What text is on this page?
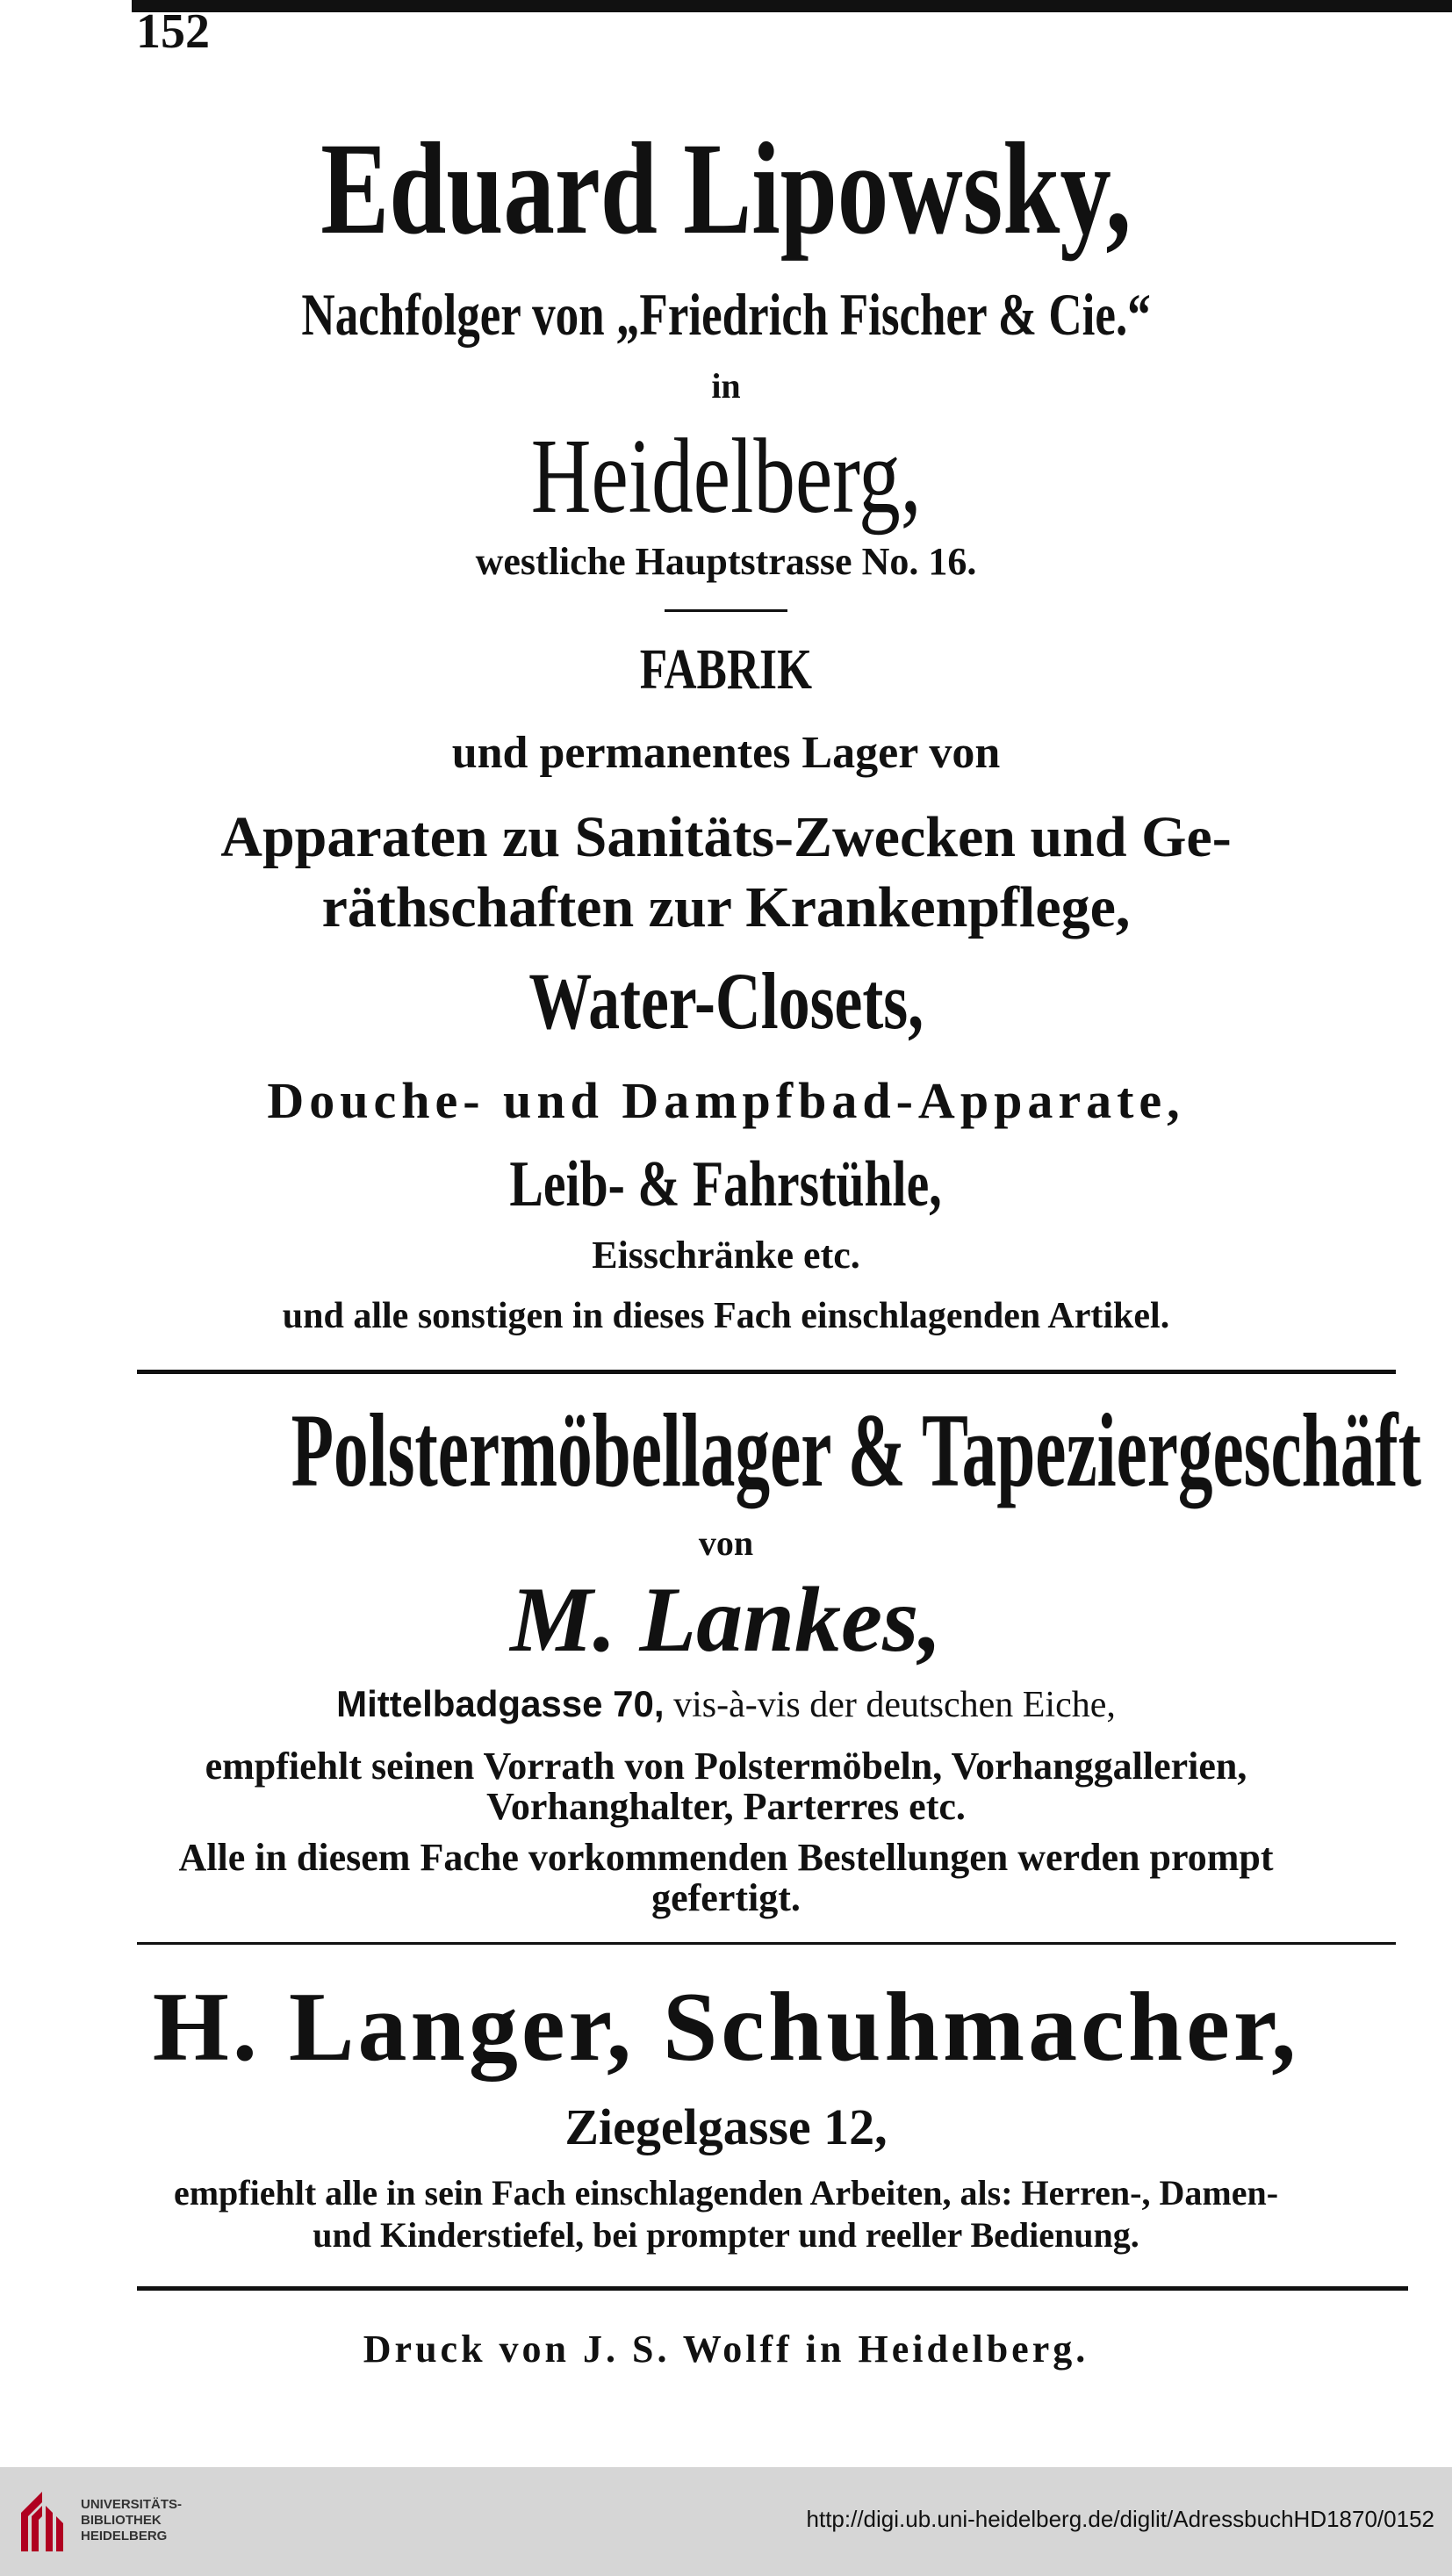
152
Eduard Lipowsky,
Nachfolger von „Friedrich Fischer & Cie.“
in
Heidelberg,
westliche Hauptstrasse No. 16.
FABRIK
und permanentes Lager von
Apparaten zu Sanitäts-Zwecken und Ge-
räthschaften zur Krankenpflege,
Water-Closets,
Douche- und Dampfbad-Apparate,
Leib- & Fahrstühle,
Eisschränke etc.
und alle sonstigen in dieses Fach einschlagenden Artikel.
Polstermöbellager & Tapeziergeschäft
von
M. Lankes,
Mittelbadgasse 70, vis-à-vis der deutschen Eiche,
empfiehlt seinen Vorrath von Polstermöbeln, Vorhanggallerien,
Vorhanghalter, Parterres etc.
Alle in diesem Fache vorkommenden Bestellungen werden prompt
gefertigt.
H. Langer, Schuhmacher,
Ziegelgasse 12,
empfiehlt alle in sein Fach einschlagenden Arbeiten, als: Herren-, Damen-
und Kinderstiefel, bei prompter und reeller Bedienung.
Druck von J. S. Wolff in Heidelberg.
UNIVERSITÄTS-
BIBLIOTHEK
HEIDELBERG
http://digi.ub.uni-heidelberg.de/diglit/AdressbuchHD1870/0152
